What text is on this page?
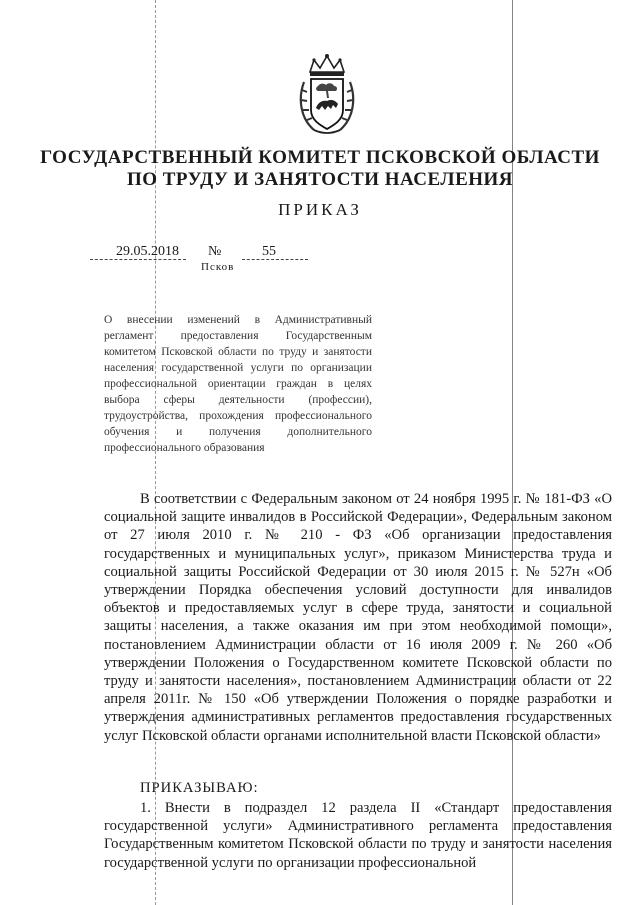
ГОСУДАРСТВЕННЫЙ КОМИТЕТ ПСКОВСКОЙ ОБЛАСТИ
ПО ТРУДУ И ЗАНЯТОСТИ НАСЕЛЕНИЯ
ПРИКАЗ
29.05.2018 №	55
Псков

О внесении изменений в Административный регламент предоставления Государственным комитетом Псковской области по труду и занятости населения государственной услуги по организации профессиональной ориентации граждан в целях выбора сферы деятельности (профессии), трудоустройства, прохождения профессионального обучения и получения дополнительного профессионального образования

В соответствии с Федеральным законом от 24 ноября 1995 г. № 181-ФЗ «О социальной защите инвалидов в Российской Федерации», Федеральным законом от 27 июля 2010 г. № 210 - ФЗ «Об организации предоставления государственных и муниципальных услуг», приказом Министерства труда и социальной защиты Российской Федерации от 30 июля 2015 г. № 527н «Об утверждении Порядка обеспечения условий доступности для инвалидов объектов и предоставляемых услуг в сфере труда, занятости и социальной защиты населения, а также оказания им при этом необходимой помощи», постановлением Администрации области от 16 июля 2009 г. № 260 «Об утверждении Положения о Государственном комитете Псковской области по труду и занятости населения», постановлением Администрации области от 22 апреля 2011г. № 150 «Об утверждении Положения о порядке разработки и утверждения административных регламентов предоставления государственных услуг Псковской области органами исполнительной власти Псковской области»

ПРИКАЗЫВАЮ:

1. Внести в подраздел 12 раздела II «Стандарт предоставления государственной услуги» Административного регламента предоставления Государственным комитетом Псковской области по труду и занятости населения государственной услуги по организации профессиональной
